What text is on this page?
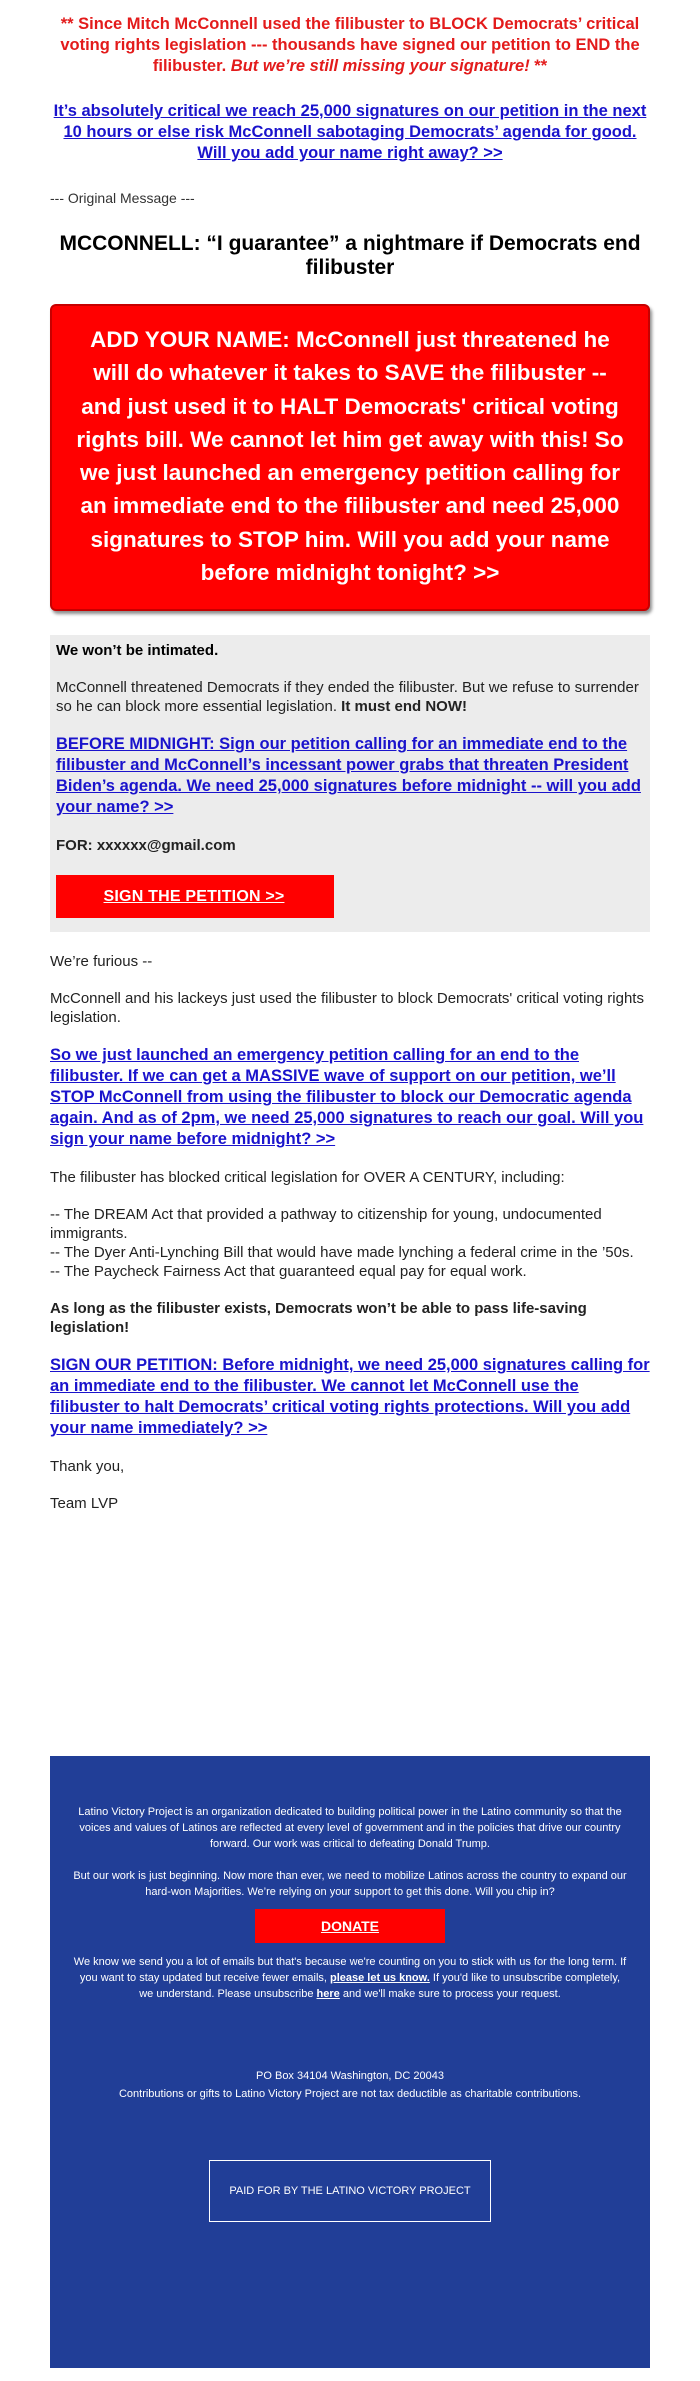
** Since Mitch McConnell used the filibuster to BLOCK Democrats’ critical voting rights legislation --- thousands have signed our petition to END the filibuster. But we’re still missing your signature! **
It’s absolutely critical we reach 25,000 signatures on our petition in the next 10 hours or else risk McConnell sabotaging Democrats’ agenda for good. Will you add your name right away? >>
--- Original Message ---
MCCONNELL: “I guarantee” a nightmare if Democrats end filibuster
ADD YOUR NAME: McConnell just threatened he will do whatever it takes to SAVE the filibuster -- and just used it to HALT Democrats' critical voting rights bill. We cannot let him get away with this! So we just launched an emergency petition calling for an immediate end to the filibuster and need 25,000 signatures to STOP him. Will you add your name before midnight tonight? >>

We won’t be intimated.

McConnell threatened Democrats if they ended the filibuster. But we refuse to surrender so he can block more essential legislation. It must end NOW!

BEFORE MIDNIGHT: Sign our petition calling for an immediate end to the filibuster and McConnell’s incessant power grabs that threaten President Biden’s agenda. We need 25,000 signatures before midnight -- will you add your name? >>

FOR: xxxxxx@gmail.com

SIGN THE PETITION >>

We’re furious --

McConnell and his lackeys just used the filibuster to block Democrats' critical voting rights legislation.

So we just launched an emergency petition calling for an end to the filibuster. If we can get a MASSIVE wave of support on our petition, we’ll STOP McConnell from using the filibuster to block our Democratic agenda again. And as of 2pm, we need 25,000 signatures to reach our goal. Will you sign your name before midnight? >>

The filibuster has blocked critical legislation for OVER A CENTURY, including:

-- The DREAM Act that provided a pathway to citizenship for young, undocumented immigrants.

-- The Dyer Anti-Lynching Bill that would have made lynching a federal crime in the ’50s.

-- The Paycheck Fairness Act that guaranteed equal pay for equal work.

As long as the filibuster exists, Democrats won’t be able to pass life-saving legislation!

SIGN OUR PETITION: Before midnight, we need 25,000 signatures calling for an immediate end to the filibuster. We cannot let McConnell use the filibuster to halt Democrats’ critical voting rights protections. Will you add your name immediately? >>

Thank you,

Team LVP

Latino Victory Project is an organization dedicated to building political power in the Latino community so that the voices and values of Latinos are reflected at every level of government and in the policies that drive our country forward. Our work was critical to defeating Donald Trump.
But our work is just beginning. Now more than ever, we need to mobilize Latinos across the country to expand our hard-won Majorities. We’re relying on your support to get this done. Will you chip in?
DONATE
We know we send you a lot of emails but that's because we're counting on you to stick with us for the long term. If you want to stay updated but receive fewer emails, please let us know. If you'd like to unsubscribe completely, we understand. Please unsubscribe here and we'll make sure to process your request.
PO Box 34104 Washington, DC 20043
Contributions or gifts to Latino Victory Project are not tax deductible as charitable contributions.
PAID FOR BY THE LATINO VICTORY PROJECT
